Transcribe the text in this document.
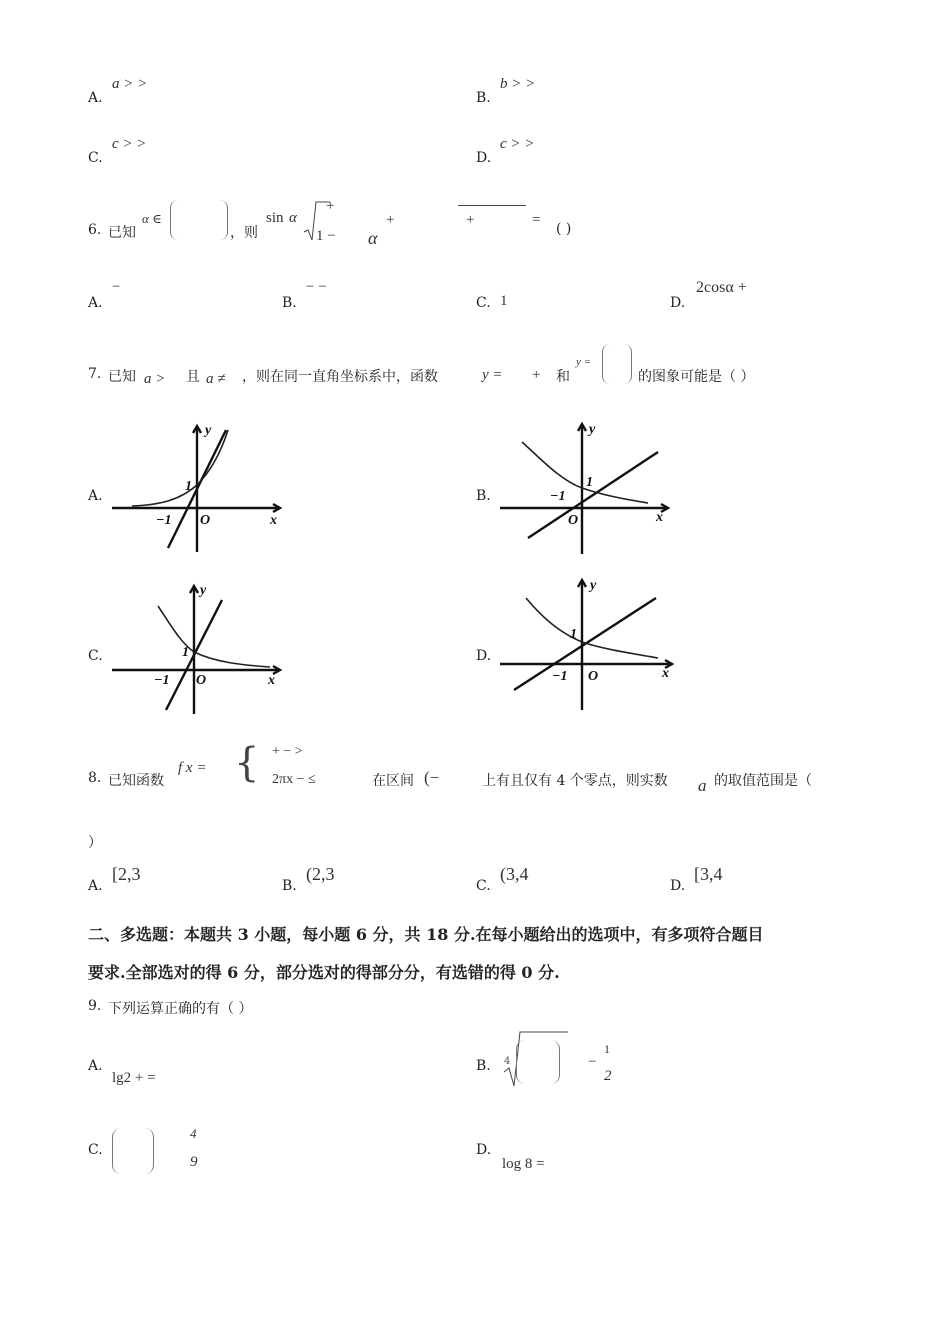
A.
a > >
B.
b > >
C.
c > >
D.
c > >
6. 已知
α ∈
，则
sin α
+
1 − α
+	+	=
( )
A.
−
B.
− −
C. 1	D.
2cosα +
7. 已知 a > 且 a ≠ ，则在同一直角坐标系中，函数	y = + 和
y =
的图象可能是（ ）
A.	B.
C.	D.
y
x
1
−1 O
y
x
1
−1
O
y
x
1
−1 O
y
x
1
−1 O
8. 已知函数
f x = { + − >
2πx − ≤	在区间 (−	上有且仅有 4 个零点，则实数 a 的取值范围是（
）
A.
[2,3
B.
(2,3
C.
(3,4
D.
[3,4
二、多选题：本题共 3 小题，每小题 6 分，共 18 分.在每小题给出的选项中，有多项符合题目
要求.全部选对的得 6 分，部分选对的得部分分，有选错的得 0 分.
9. 下列运算正确的有（ ）
A.
lg2 + =
B. 4	−
1
2
C.
4
9
D.
log 8 =
